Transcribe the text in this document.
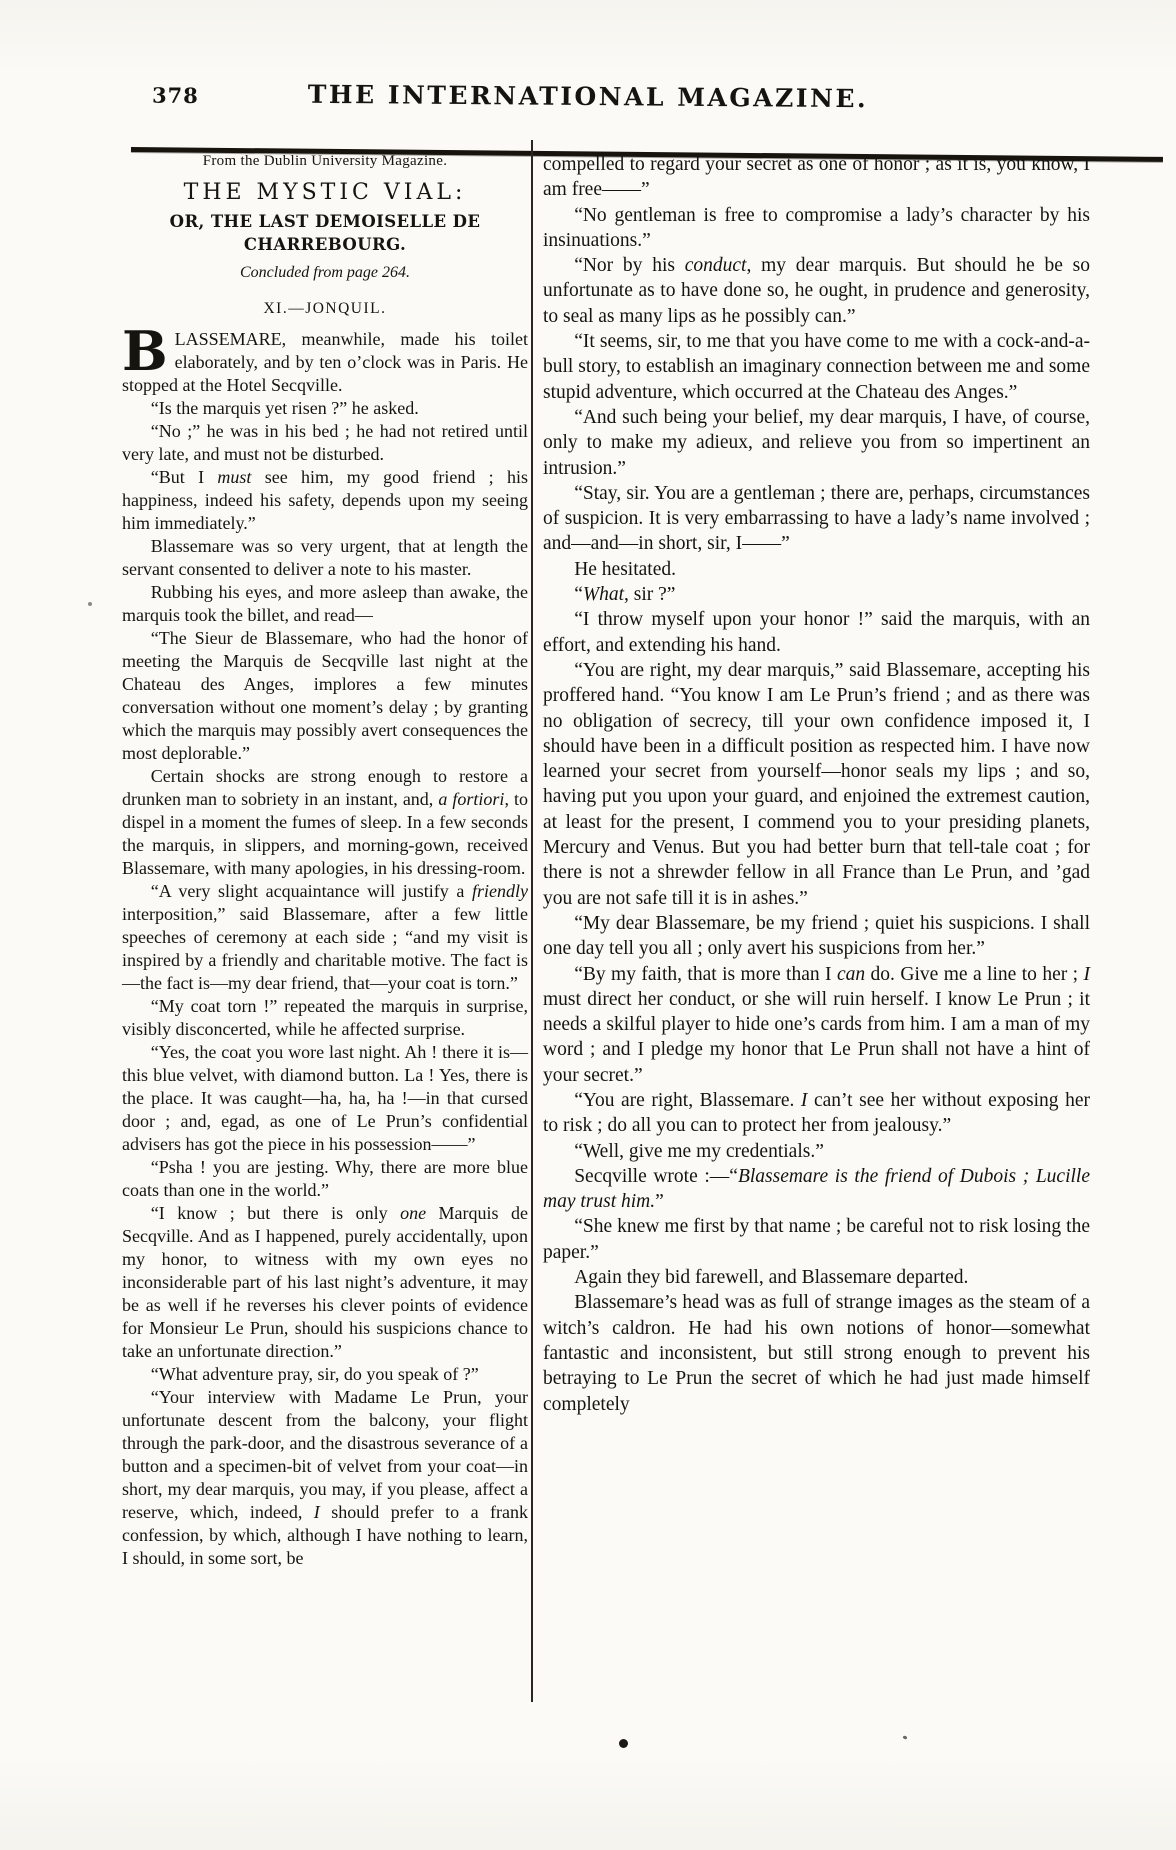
378	THE INTERNATIONAL MAGAZINE.
From the Dublin University Magazine.
THE MYSTIC VIAL:
OR, THE LAST DEMOISELLE DE CHARREBOURG.
Concluded from page 264.
XI.—JONQUIL.

BLASSEMARE, meanwhile, made his toilet elaborately, and by ten o’clock was in Paris. He stopped at the Hotel Secqville.

“Is the marquis yet risen ?” he asked.

“No ;” he was in his bed ; he had not retired until very late, and must not be disturbed.

“But I must see him, my good friend ; his happiness, indeed his safety, depends upon my seeing him immediately.”

Blassemare was so very urgent, that at length the servant consented to deliver a note to his master.

Rubbing his eyes, and more asleep than awake, the marquis took the billet, and read—

“The Sieur de Blassemare, who had the honor of meeting the Marquis de Secqville last night at the Chateau des Anges, implores a few minutes conversation without one moment’s delay ; by granting which the marquis may possibly avert consequences the most deplorable.”

Certain shocks are strong enough to restore a drunken man to sobriety in an instant, and, a fortiori, to dispel in a moment the fumes of sleep. In a few seconds the marquis, in slippers, and morning-gown, received Blassemare, with many apologies, in his dressing-room.

“A very slight acquaintance will justify a friendly interposition,” said Blassemare, after a few little speeches of ceremony at each side ; “and my visit is inspired by a friendly and charitable motive. The fact is—the fact is—my dear friend, that—your coat is torn.”

“My coat torn !” repeated the marquis in surprise, visibly disconcerted, while he affected surprise.

“Yes, the coat you wore last night. Ah ! there it is—this blue velvet, with diamond button. La ! Yes, there is the place. It was caught—ha, ha, ha !—in that cursed door ; and, egad, as one of Le Prun’s confidential advisers has got the piece in his possession——”

“Psha ! you are jesting. Why, there are more blue coats than one in the world.”

“I know ; but there is only one Marquis de Secqville. And as I happened, purely accidentally, upon my honor, to witness with my own eyes no inconsiderable part of his last night’s adventure, it may be as well if he reverses his clever points of evidence for Monsieur Le Prun, should his suspicions chance to take an unfortunate direction.”

“What adventure pray, sir, do you speak of ?”

“Your interview with Madame Le Prun, your unfortunate descent from the balcony, your flight through the park-door, and the disastrous severance of a button and a specimen-bit of velvet from your coat—in short, my dear marquis, you may, if you please, affect a reserve, which, indeed, I should prefer to a frank confession, by which, although I have nothing to learn, I should, in some sort, be

compelled to regard your secret as one of honor ; as it is, you know, I am free——”

“No gentleman is free to compromise a lady’s character by his insinuations.”

“Nor by his conduct, my dear marquis. But should he be so unfortunate as to have done so, he ought, in prudence and generosity, to seal as many lips as he possibly can.”

“It seems, sir, to me that you have come to me with a cock-and-a-bull story, to establish an imaginary connection between me and some stupid adventure, which occurred at the Chateau des Anges.”

“And such being your belief, my dear marquis, I have, of course, only to make my adieux, and relieve you from so impertinent an intrusion.”

“Stay, sir. You are a gentleman ; there are, perhaps, circumstances of suspicion. It is very embarrassing to have a lady’s name involved ; and—and—in short, sir, I——”

He hesitated.

“What, sir ?”

“I throw myself upon your honor !” said the marquis, with an effort, and extending his hand.

“You are right, my dear marquis,” said Blassemare, accepting his proffered hand. “You know I am Le Prun’s friend ; and as there was no obligation of secrecy, till your own confidence imposed it, I should have been in a difficult position as respected him. I have now learned your secret from yourself—honor seals my lips ; and so, having put you upon your guard, and enjoined the extremest caution, at least for the present, I commend you to your presiding planets, Mercury and Venus. But you had better burn that tell-tale coat ; for there is not a shrewder fellow in all France than Le Prun, and ’gad you are not safe till it is in ashes.”

“My dear Blassemare, be my friend ; quiet his suspicions. I shall one day tell you all ; only avert his suspicions from her.”

“By my faith, that is more than I can do. Give me a line to her ; I must direct her conduct, or she will ruin herself. I know Le Prun ; it needs a skilful player to hide one’s cards from him. I am a man of my word ; and I pledge my honor that Le Prun shall not have a hint of your secret.”

“You are right, Blassemare. I can’t see her without exposing her to risk ; do all you can to protect her from jealousy.”

“Well, give me my credentials.”

Secqville wrote :—“Blassemare is the friend of Dubois ; Lucille may trust him.”

“She knew me first by that name ; be careful not to risk losing the paper.”

Again they bid farewell, and Blassemare departed.

Blassemare’s head was as full of strange images as the steam of a witch’s caldron. He had his own notions of honor—somewhat fantastic and inconsistent, but still strong enough to prevent his betraying to Le Prun the secret of which he had just made himself completely
